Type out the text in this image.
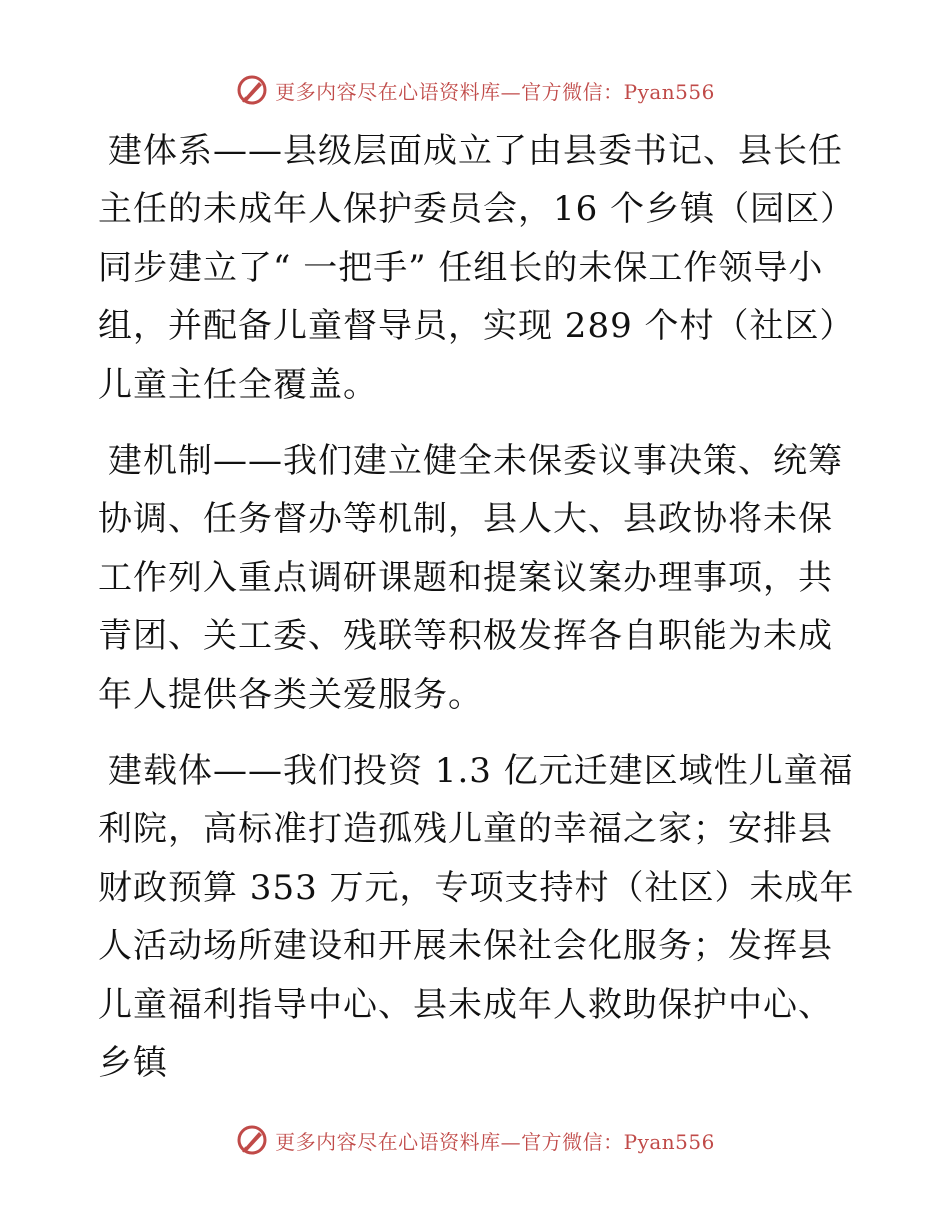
更多内容尽在心语资料库—官方微信：Pyan556

建体系——县级层面成立了由县委书记、县长任主任的未成年人保护委员会，16 个乡镇（园区）同步建立了“ 一把手” 任组长的未保工作领导小组，并配备儿童督导员，实现 289 个村（社区）儿童主任全覆盖。

建机制——我们建立健全未保委议事决策、统筹协调、任务督办等机制，县人大、县政协将未保工作列入重点调研课题和提案议案办理事项，共青团、关工委、残联等积极发挥各自职能为未成年人提供各类关爱服务。

建载体——我们投资 1.3 亿元迁建区域性儿童福利院，高标准打造孤残儿童的幸福之家；安排县财政预算 353 万元，专项支持村（社区）未成年人活动场所建设和开展未保社会化服务；发挥县儿童福利指导中心、县未成年人救助保护中心、乡镇

更多内容尽在心语资料库—官方微信：Pyan556
